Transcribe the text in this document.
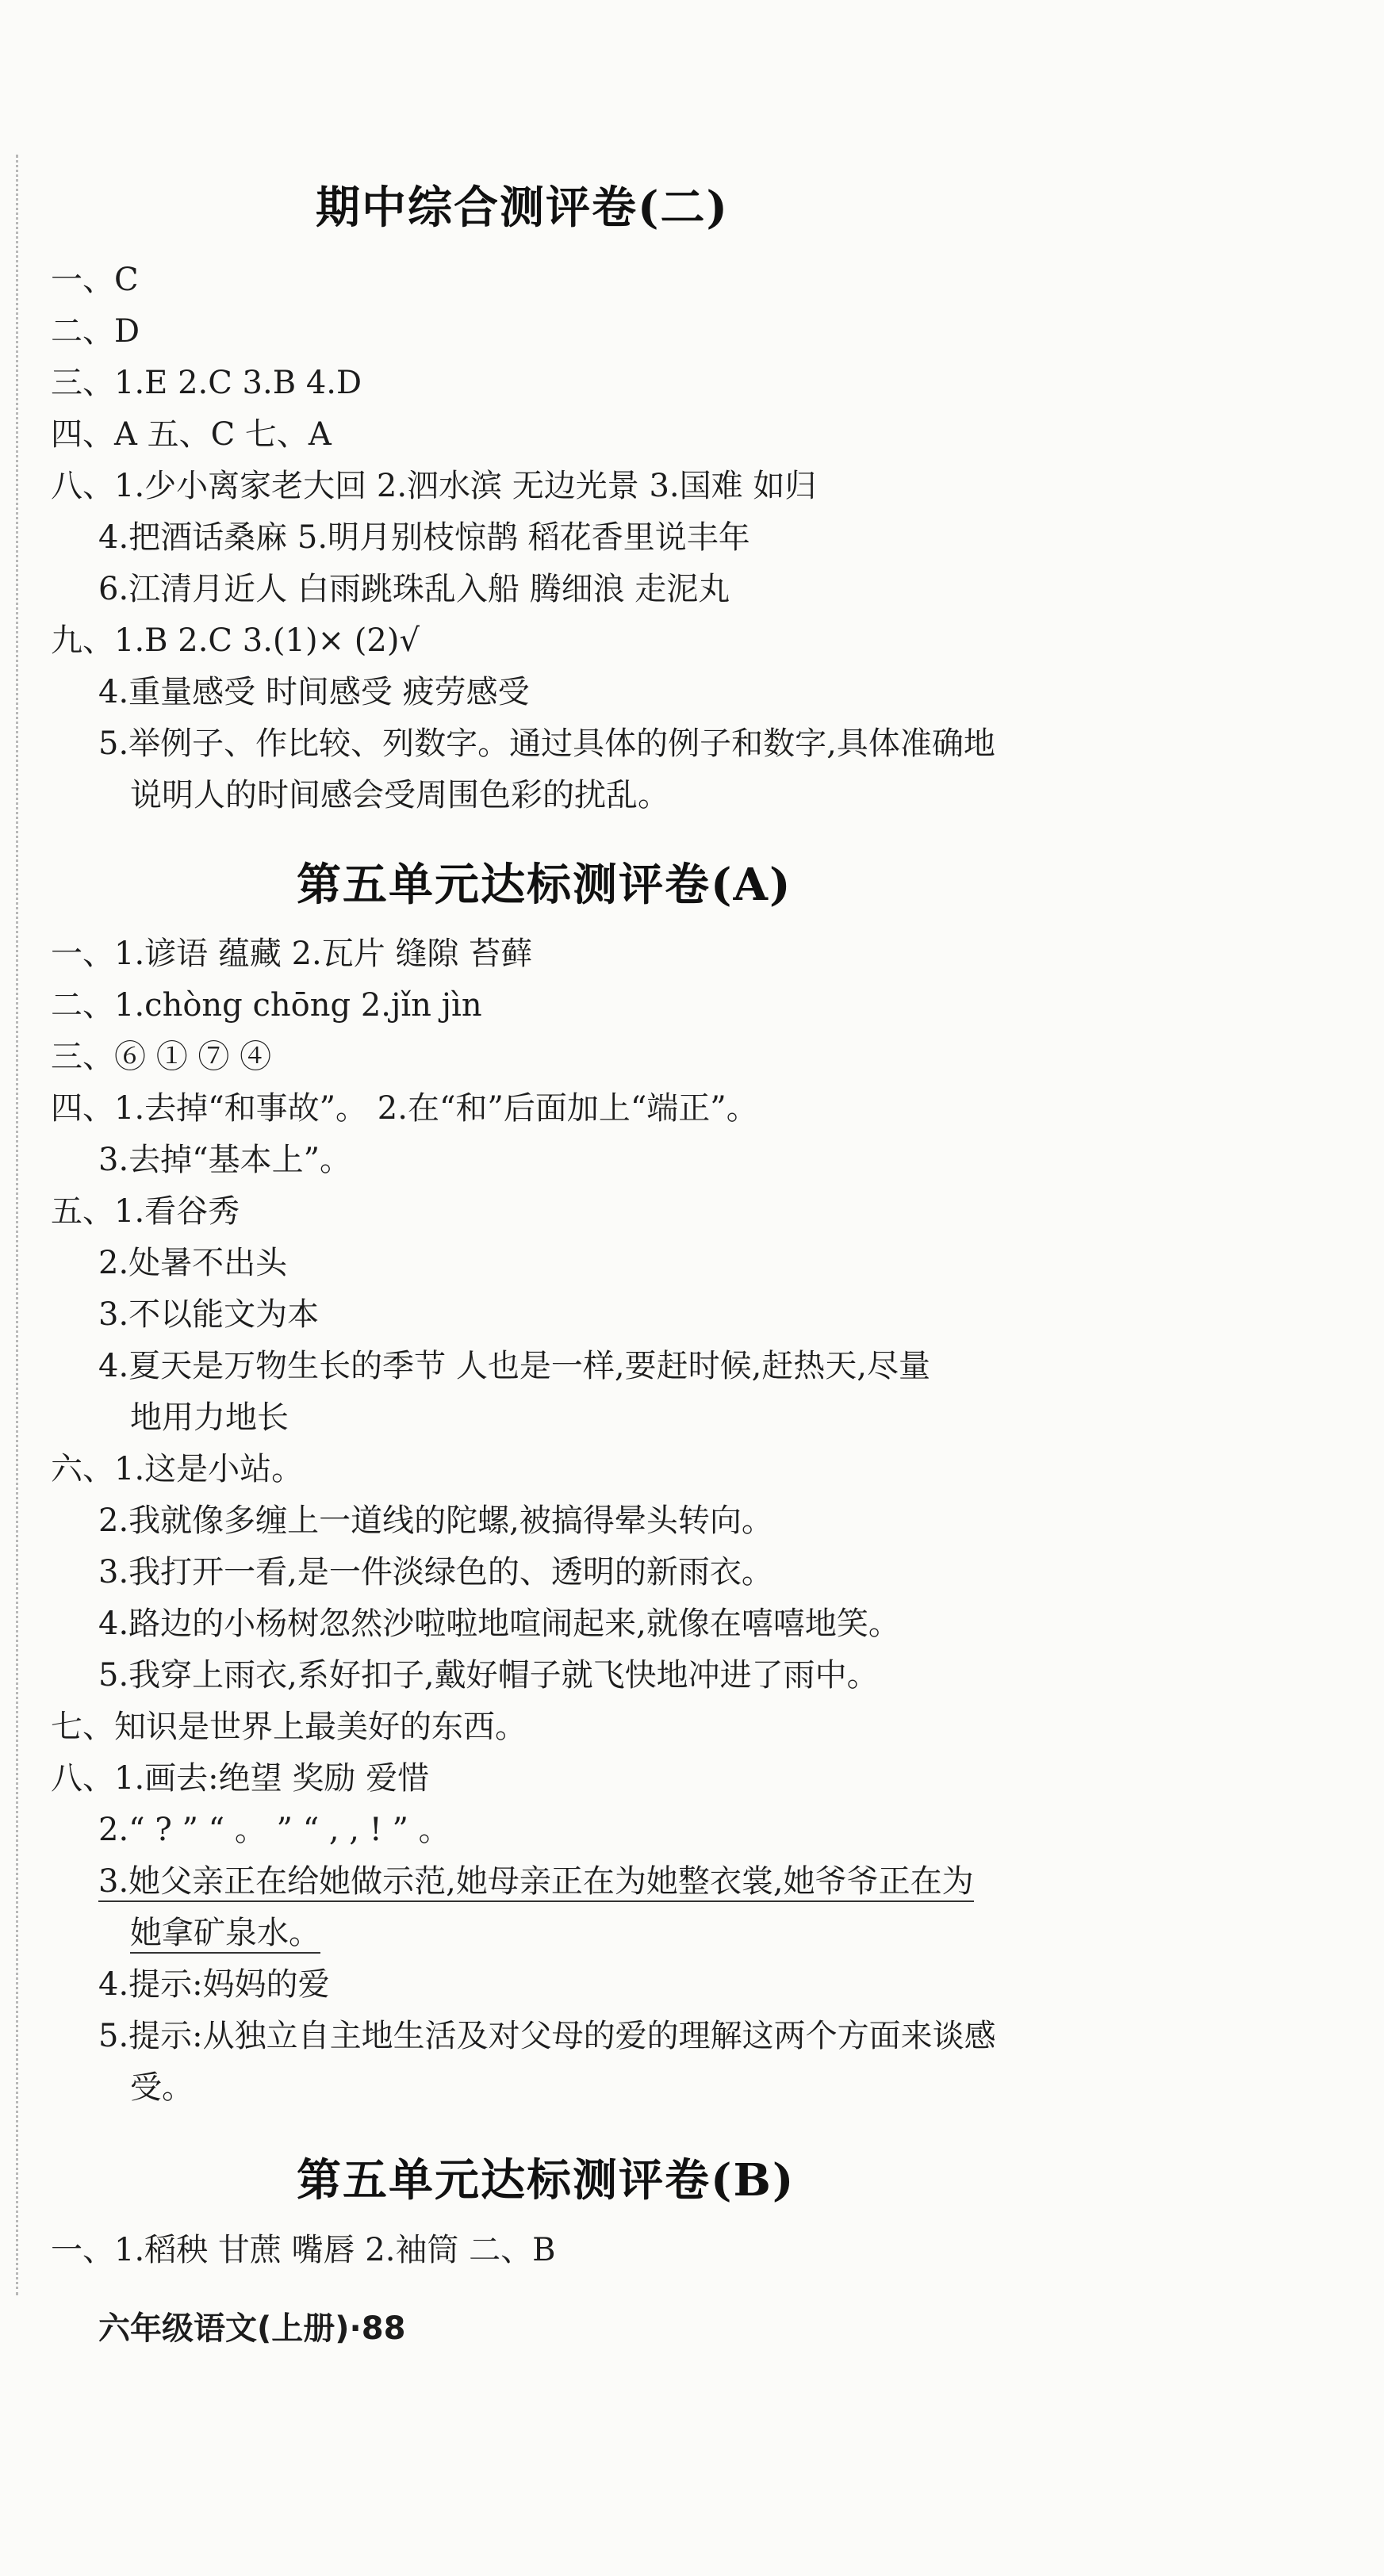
期中综合测评卷(二)
一、C
二、D
三、1.E 2.C 3.B 4.D
四、A 五、C 七、A
八、1.少小离家老大回 2.泗水滨 无边光景 3.国难 如归
4.把酒话桑麻 5.明月别枝惊鹊 稻花香里说丰年
6.江清月近人 白雨跳珠乱入船 腾细浪 走泥丸
九、1.B 2.C 3.(1)× (2)√
4.重量感受 时间感受 疲劳感受
5.举例子、作比较、列数字。通过具体的例子和数字,具体准确地
说明人的时间感会受周围色彩的扰乱。
第五单元达标测评卷(A)
一、1.谚语 蕴藏 2.瓦片 缝隙 苔藓
二、1.chòng chōng 2.jǐn jìn
三、⑥ ① ⑦ ④
四、1.去掉“和事故”。 2.在“和”后面加上“端正”。
3.去掉“基本上”。
五、1.看谷秀
2.处暑不出头
3.不以能文为本
4.夏天是万物生长的季节 人也是一样,要赶时候,赶热天,尽量
地用力地长
六、1.这是小站。
2.我就像多缠上一道线的陀螺,被搞得晕头转向。
3.我打开一看,是一件淡绿色的、透明的新雨衣。
4.路边的小杨树忽然沙啦啦地喧闹起来,就像在嘻嘻地笑。
5.我穿上雨衣,系好扣子,戴好帽子就飞快地冲进了雨中。
七、知识是世界上最美好的东西。
八、1.画去:绝望 奖励 爱惜
2.“ ? ” “ 。 ” “ , , ! ” 。
3.她父亲正在给她做示范,她母亲正在为她整衣裳,她爷爷正在为
她拿矿泉水。
4.提示:妈妈的爱
5.提示:从独立自主地生活及对父母的爱的理解这两个方面来谈感
受。
第五单元达标测评卷(B)
一、1.稻秧 甘蔗 嘴唇 2.袖筒 二、B
六年级语文(上册)·88
